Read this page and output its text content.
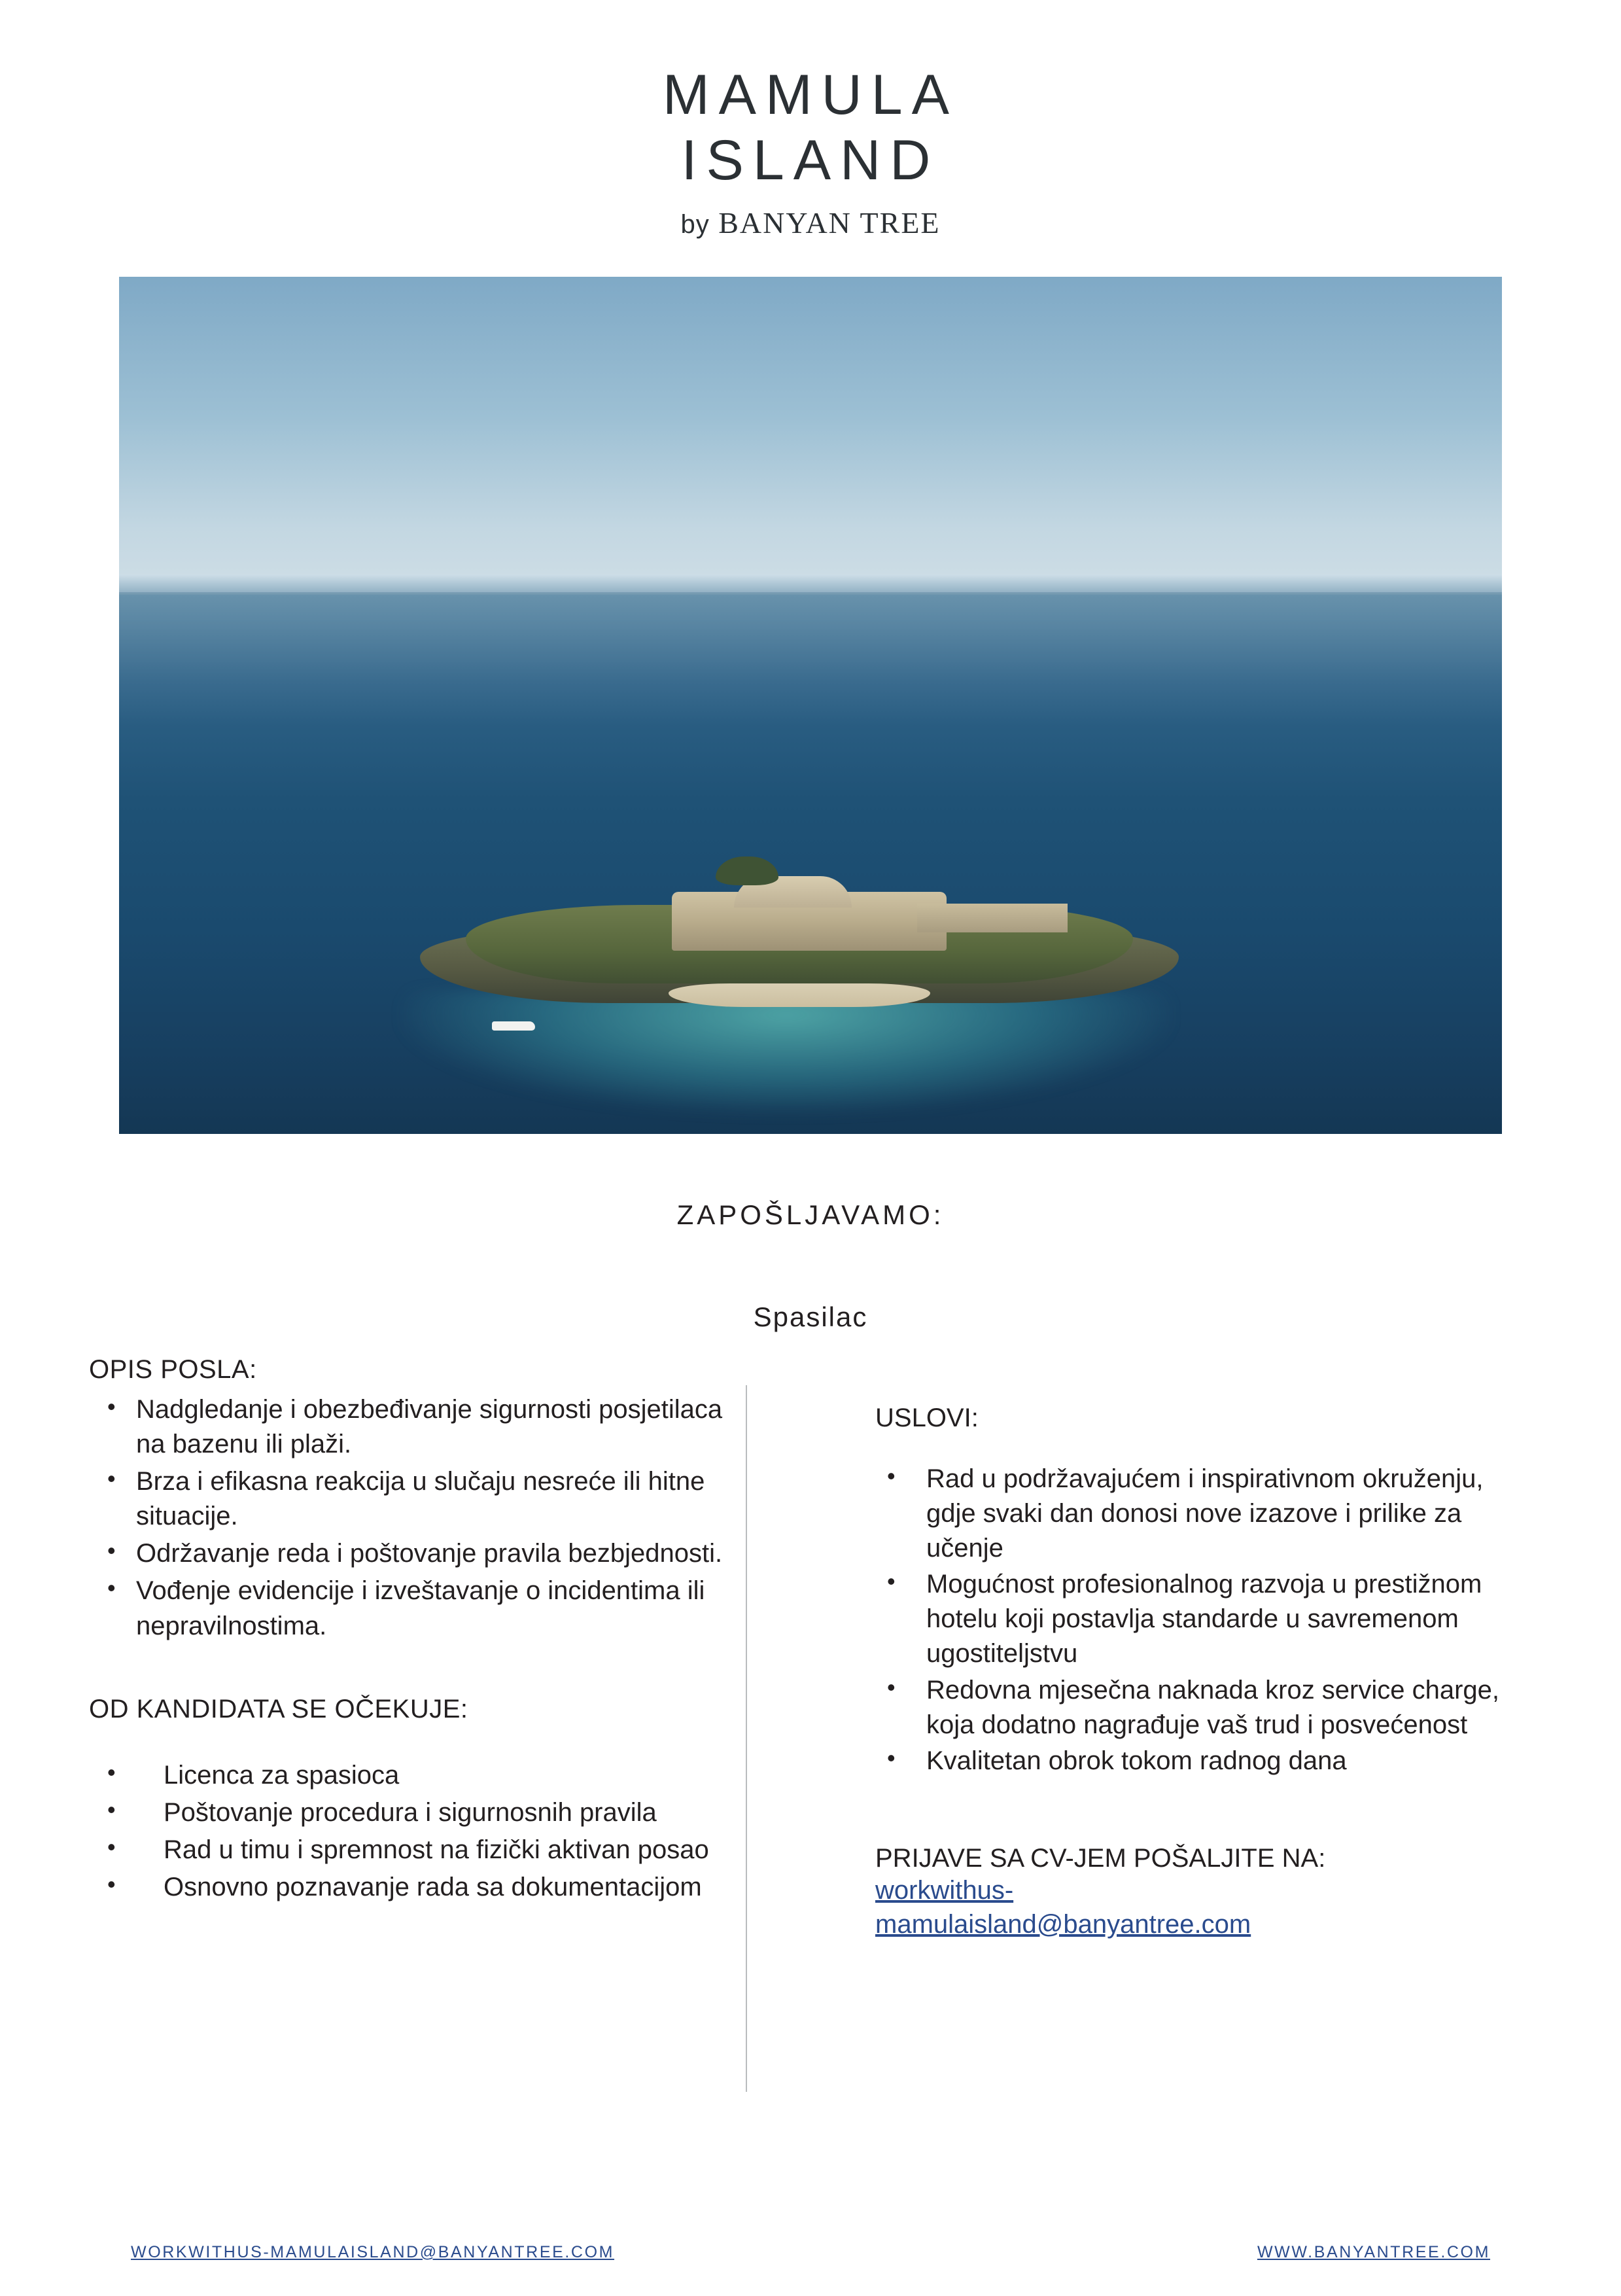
MAMULA
ISLAND
by BANYAN TREE
ZAPOŠLJAVAMO:
Spasilac
OPIS POSLA:
• Nadgledanje i obezbeđivanje sigurnosti posjetilaca na bazenu ili plaži.
• Brza i efikasna reakcija u slučaju nesreće ili hitne situacije.
• Održavanje reda i poštovanje pravila bezbjednosti.
• Vođenje evidencije i izveštavanje o incidentima ili nepravilnostima.
OD KANDIDATA SE OČEKUJE:
• Licenca za spasioca
• Poštovanje procedura i sigurnosnih pravila
• Rad u timu i spremnost na fizički aktivan posao
• Osnovno poznavanje rada sa dokumentacijom
USLOVI:
• Rad u podržavajućem i inspirativnom okruženju, gdje svaki dan donosi nove izazove i prilike za učenje
• Mogućnost profesionalnog razvoja u prestižnom hotelu koji postavlja standarde u savremenom ugostiteljstvu
• Redovna mjesečna naknada kroz service charge, koja dodatno nagrađuje vaš trud i posvećenost
• Kvalitetan obrok tokom radnog dana
PRIJAVE SA CV-JEM POŠALJITE NA:
workwithus-mamulaisland@banyantree.com
WORKWITHUS-MAMULAISLAND@BANYANTREE.COM	WWW.BANYANTREE.COM
